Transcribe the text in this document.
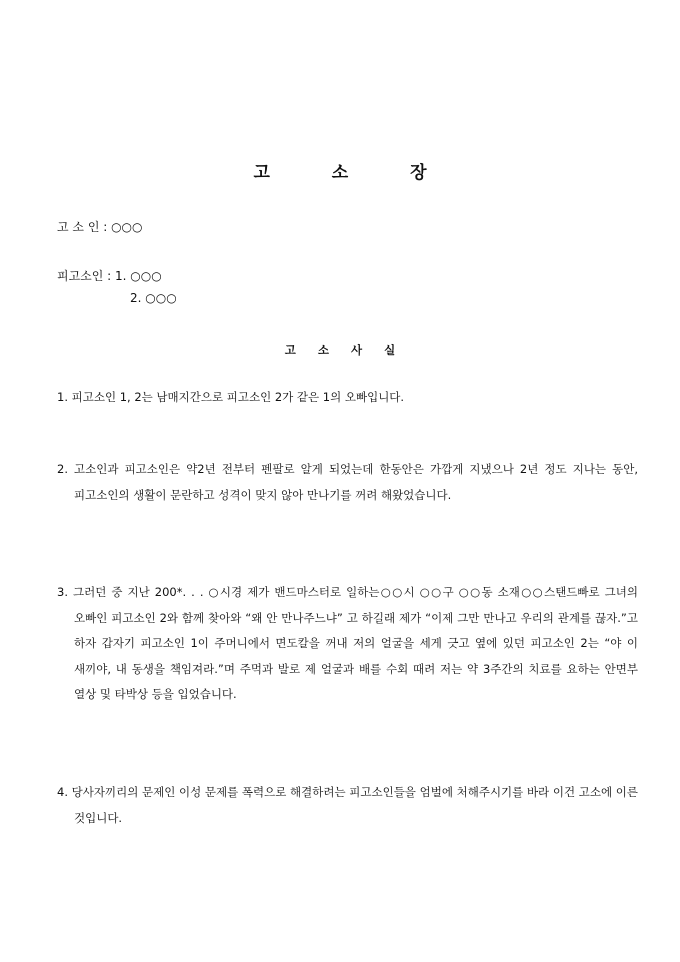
고 소 장
고 소 인 : ○○○
피고소인 : 1. ○○○
2. ○○○
고 소 사 실
1. 피고소인 1, 2는 남매지간으로 피고소인 2가 같은 1의 오빠입니다.
2. 고소인과 피고소인은 약2년 전부터 펜팔로 알게 되었는데 한동안은 가깝게 지냈으나 2년 정도 지나는 동안, 피고소인의 생활이 문란하고 성격이 맞지 않아 만나기를 꺼려 해왔었습니다.
3. 그러던 중 지난 200*. . . ○시경 제가 밴드마스터로 일하는○○시 ○○구 ○○동 소재○○스탠드빠로 그녀의 오빠인 피고소인 2와 함께 찾아와 “왜 안 만나주느냐” 고 하길래 제가 “이제 그만 만나고 우리의 관계를 끊자.”고 하자 갑자기 피고소인 1이 주머니에서 면도칼을 꺼내 저의 얼굴을 세게 긋고 옆에 있던 피고소인 2는 “야 이 새끼야, 내 동생을 책임져라.”며 주먹과 발로 제 얼굴과 배를 수회 때려 저는 약 3주간의 치료를 요하는 안면부 열상 및 타박상 등을 입었습니다.
4. 당사자끼리의 문제인 이성 문제를 폭력으로 해결하려는 피고소인들을 엄벌에 처해주시기를 바라 이건 고소에 이른 것입니다.
